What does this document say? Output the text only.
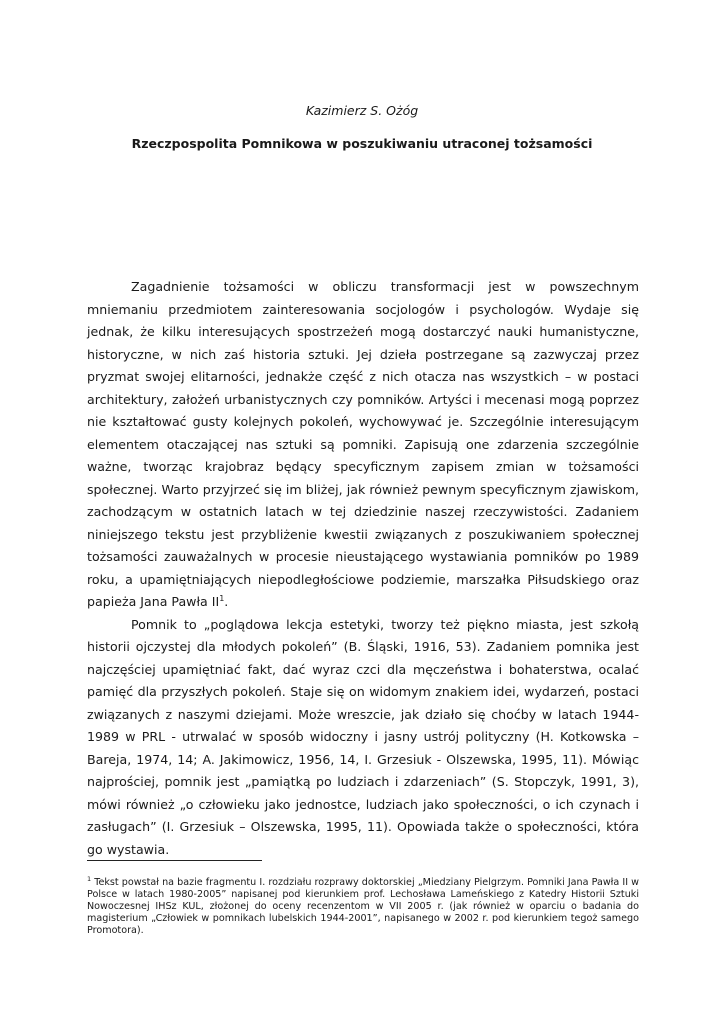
Kazimierz S. Ożóg
Rzeczpospolita Pomnikowa w poszukiwaniu utraconej tożsamości

Zagadnienie tożsamości w obliczu transformacji jest w powszechnym mniemaniu przedmiotem zainteresowania socjologów i psychologów. Wydaje się jednak, że kilku interesujących spostrzeżeń mogą dostarczyć nauki humanistyczne, historyczne, w nich zaś historia sztuki. Jej dzieła postrzegane są zazwyczaj przez pryzmat swojej elitarności, jednakże część z nich otacza nas wszystkich – w postaci architektury, założeń urbanistycznych czy pomników. Artyści i mecenasi mogą poprzez nie kształtować gusty kolejnych pokoleń, wychowywać je. Szczególnie interesującym elementem otaczającej nas sztuki są pomniki. Zapisują one zdarzenia szczególnie ważne, tworząc krajobraz będący specyficznym zapisem zmian w tożsamości społecznej. Warto przyjrzeć się im bliżej, jak również pewnym specyficznym zjawiskom, zachodzącym w ostatnich latach w tej dziedzinie naszej rzeczywistości. Zadaniem niniejszego tekstu jest przybliżenie kwestii związanych z poszukiwaniem społecznej tożsamości zauważalnych w procesie nieustającego wystawiania pomników po 1989 roku, a upamiętniających niepodległościowe podziemie, marszałka Piłsudskiego oraz papieża Jana Pawła $II^1$.

Pomnik to „poglądowa lekcja estetyki, tworzy też piękno miasta, jest szkołą historii ojczystej dla młodych pokoleń” (B. Śląski, 1916, 53). Zadaniem pomnika jest najczęściej upamiętniać fakt, dać wyraz czci dla męczeństwa i bohaterstwa, ocalać pamięć dla przyszłych pokoleń. Staje się on widomym znakiem idei, wydarzeń, postaci związanych z naszymi dziejami. Może wreszcie, jak działo się choćby w latach 1944-1989 w PRL - utrwalać w sposób widoczny i jasny ustrój polityczny (H. Kotkowska – Bareja, 1974, 14; A. Jakimowicz, 1956, 14, I. Grzesiuk - Olszewska, 1995, 11). Mówiąc najprościej, pomnik jest „pamiątką po ludziach i zdarzeniach” (S. Stopczyk, 1991, 3), mówi również „o człowieku jako jednostce, ludziach jako społeczności, o ich czynach i zasługach” (I. Grzesiuk – Olszewska, 1995, 11). Opowiada także o społeczności, która go wystawia.

$^1$ Tekst powstał na bazie fragmentu I. rozdziału rozprawy doktorskiej „Miedziany Pielgrzym. Pomniki Jana Pawła II w Polsce w latach 1980-2005” napisanej pod kierunkiem prof. Lechosława Lameńskiego z Katedry Historii Sztuki Nowoczesnej IHSz KUL, złożonej do oceny recenzentom w VII 2005 r. (jak również w oparciu o badania do magisterium „Człowiek w pomnikach lubelskich 1944-2001”, napisanego w 2002 r. pod kierunkiem tegoż samego Promotora).
